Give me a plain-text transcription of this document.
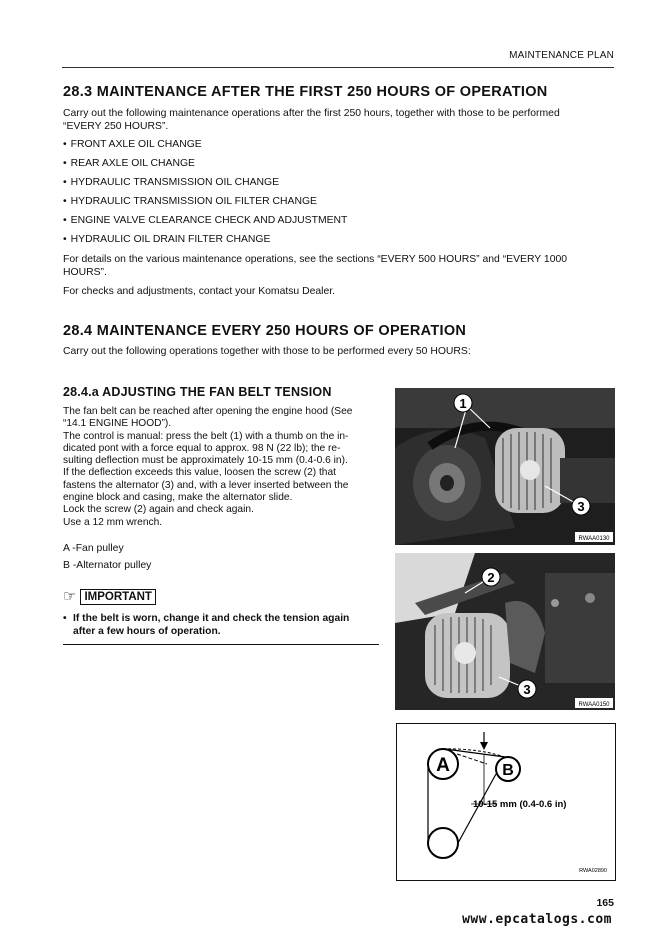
MAINTENANCE PLAN
28.3 MAINTENANCE AFTER THE FIRST 250 HOURS OF OPERATION

Carry out the following maintenance operations after the first 250 hours, together with those to be performed
“EVERY 250 HOURS”.

• FRONT AXLE OIL CHANGE
• REAR AXLE OIL CHANGE
• HYDRAULIC TRANSMISSION OIL CHANGE
• HYDRAULIC TRANSMISSION OIL FILTER CHANGE
• ENGINE VALVE CLEARANCE CHECK AND ADJUSTMENT
• HYDRAULIC OIL DRAIN FILTER CHANGE

For details on the various maintenance operations, see the sections “EVERY 500 HOURS” and “EVERY 1000
HOURS”.

For checks and adjustments, contact your Komatsu Dealer.

28.4 MAINTENANCE EVERY 250 HOURS OF OPERATION

Carry out the following operations together with those to be performed every 50 HOURS:

28.4.a ADJUSTING THE FAN BELT TENSION
The fan belt can be reached after opening the engine hood (See
“14.1 ENGINE HOOD”).
The control is manual: press the belt (1) with a thumb on the in-
dicated pont with a force equal to approx. 98 N (22 lb); the re-
sulting deflection must be approximately 10-15 mm (0.4-0.6 in).
If the deflection exceeds this value, loosen the screw (2) that
fastens the alternator (3) and, with a lever inserted between the
engine block and casing, make the alternator slide.
Lock the screw (2) again and check again.
Use a 12 mm wrench.

A -Fan pulley

B -Alternator pulley

☞ IMPORTANT
• If the belt is worn, change it and check the tension again
after a few hours of operation.
1
3
RWAA0130
2
3
RWAA0150
A	B
10-15 mm (0.4-0.6 in)
RWA02890
165
www.epcatalogs.com
